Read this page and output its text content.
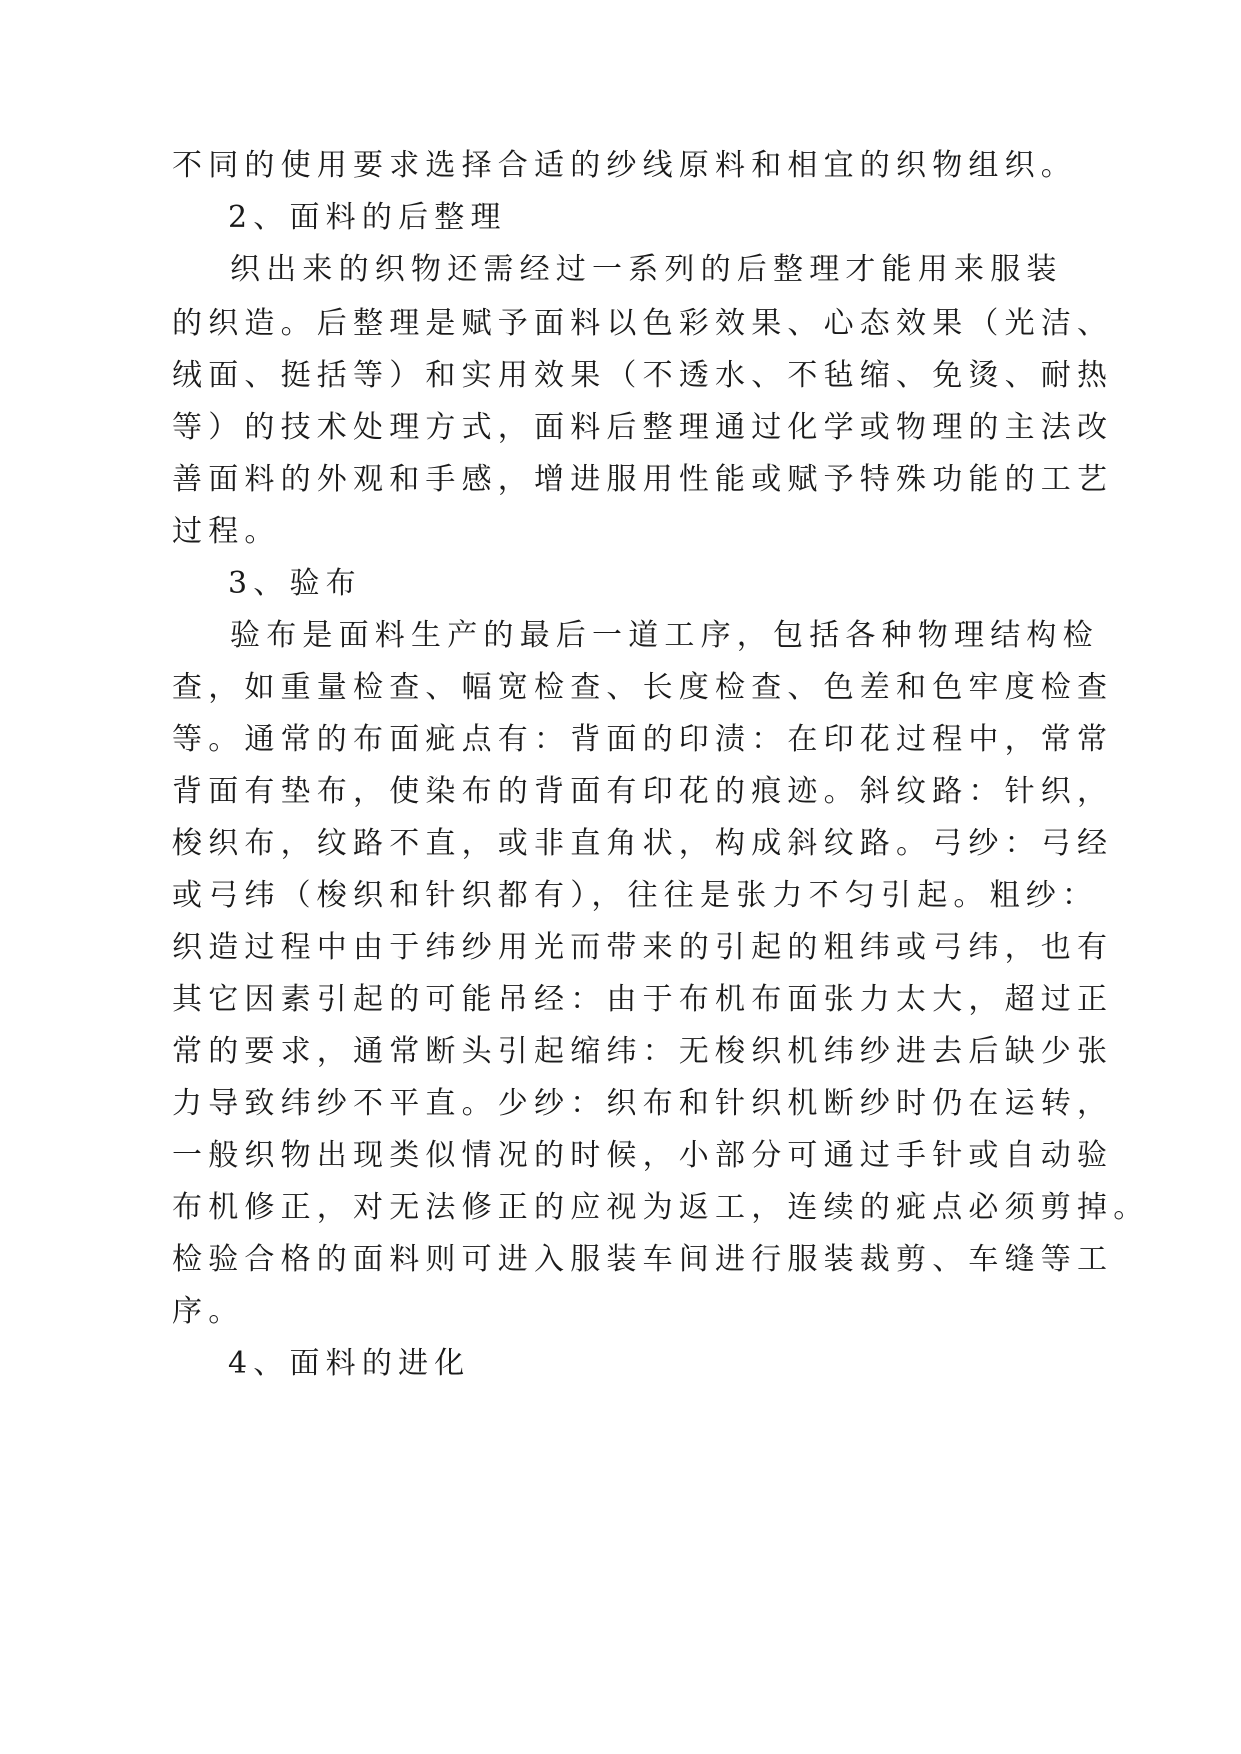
不同的使用要求选择合适的纱线原料和相宜的织物组织。
2、面料的后整理
织出来的织物还需经过一系列的后整理才能用来服装
的织造。后整理是赋予面料以色彩效果、心态效果（光洁、
绒面、挺括等）和实用效果（不透水、不毡缩、免烫、耐热
等）的技术处理方式，面料后整理通过化学或物理的主法改
善面料的外观和手感，增进服用性能或赋予特殊功能的工艺
过程。
3、验布
验布是面料生产的最后一道工序，包括各种物理结构检
查，如重量检查、幅宽检查、长度检查、色差和色牢度检查
等。通常的布面疵点有：背面的印渍：在印花过程中，常常
背面有垫布，使染布的背面有印花的痕迹。斜纹路：针织，
梭织布，纹路不直，或非直角状，构成斜纹路。弓纱：弓经
或弓纬（梭织和针织都有），往往是张力不匀引起。粗纱：
织造过程中由于纬纱用光而带来的引起的粗纬或弓纬，也有
其它因素引起的可能吊经：由于布机布面张力太大，超过正
常的要求，通常断头引起缩纬：无梭织机纬纱进去后缺少张
力导致纬纱不平直。少纱：织布和针织机断纱时仍在运转，
一般织物出现类似情况的时候，小部分可通过手针或自动验
布机修正，对无法修正的应视为返工，连续的疵点必须剪掉。
检验合格的面料则可进入服装车间进行服装裁剪、车缝等工
序。
4、面料的进化
